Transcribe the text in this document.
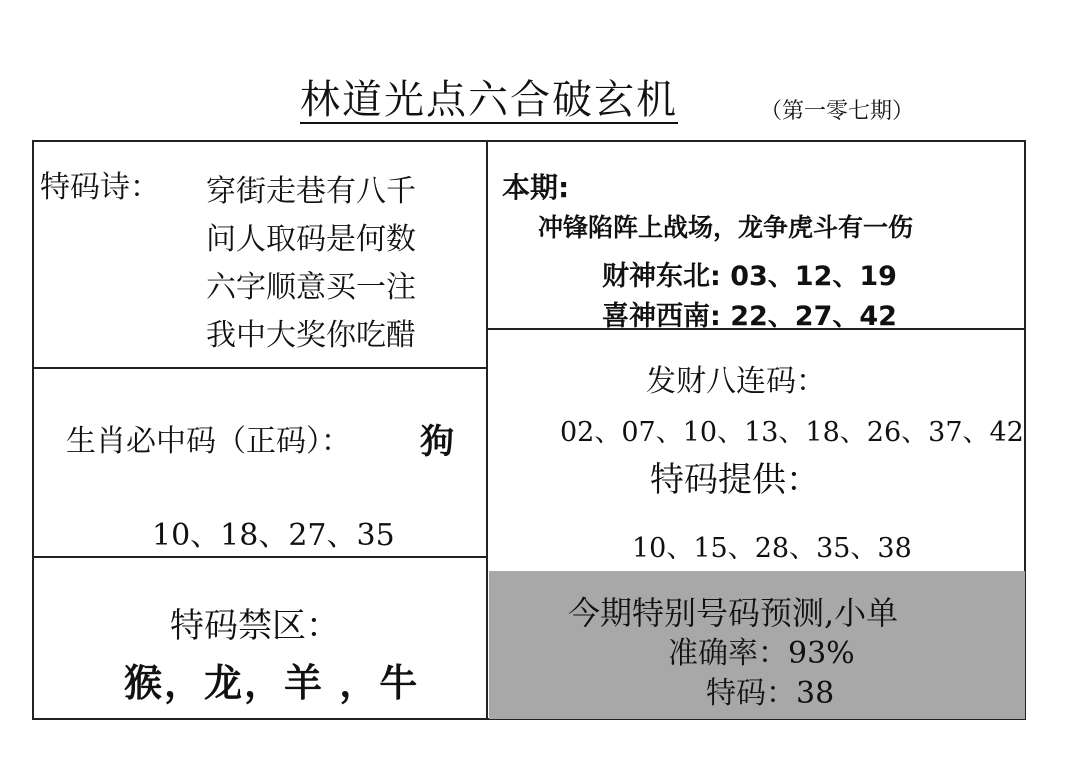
林道光点六合破玄机	（第一零七期）
特码诗： 穿街走巷有八千
问人取码是何数
六字顺意买一注
我中大奖你吃醋
生肖必中码（正码）： 狗
10、18、27、35
特码禁区：
猴，龙，羊 ，牛
本期:
冲锋陷阵上战场，龙争虎斗有一伤
财神东北: 03、12、19
喜神西南: 22、27、42
发财八连码：
02、07、10、13、18、26、37、42
特码提供：
10、15、28、35、38
今期特别号码预测,小单
准确率：93%
特码：38
